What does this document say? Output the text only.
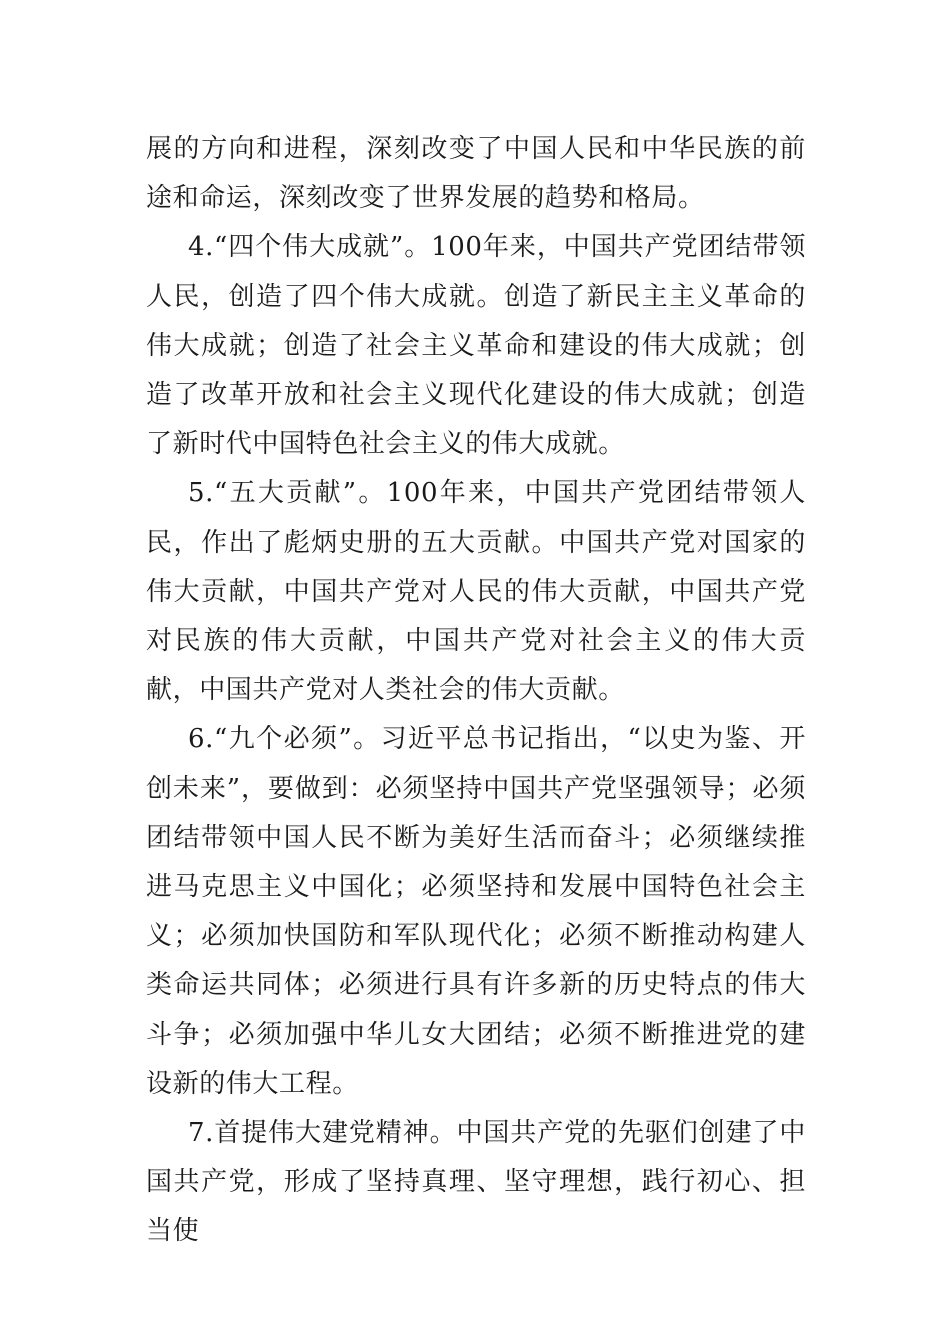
展的方向和进程，深刻改变了中国人民和中华民族的前途和命运，深刻改变了世界发展的趋势和格局。

4.“四个伟大成就”。100年来，中国共产党团结带领人民，创造了四个伟大成就。创造了新民主主义革命的伟大成就；创造了社会主义革命和建设的伟大成就；创造了改革开放和社会主义现代化建设的伟大成就；创造了新时代中国特色社会主义的伟大成就。

5.“五大贡献”。100年来，中国共产党团结带领人民，作出了彪炳史册的五大贡献。中国共产党对国家的伟大贡献，中国共产党对人民的伟大贡献，中国共产党对民族的伟大贡献，中国共产党对社会主义的伟大贡献，中国共产党对人类社会的伟大贡献。

6.“九个必须”。习近平总书记指出，“以史为鉴、开创未来”，要做到：必须坚持中国共产党坚强领导；必须团结带领中国人民不断为美好生活而奋斗；必须继续推进马克思主义中国化；必须坚持和发展中国特色社会主义；必须加快国防和军队现代化；必须不断推动构建人类命运共同体；必须进行具有许多新的历史特点的伟大斗争；必须加强中华儿女大团结；必须不断推进党的建设新的伟大工程。

7.首提伟大建党精神。中国共产党的先驱们创建了中国共产党，形成了坚持真理、坚守理想，践行初心、担当使
